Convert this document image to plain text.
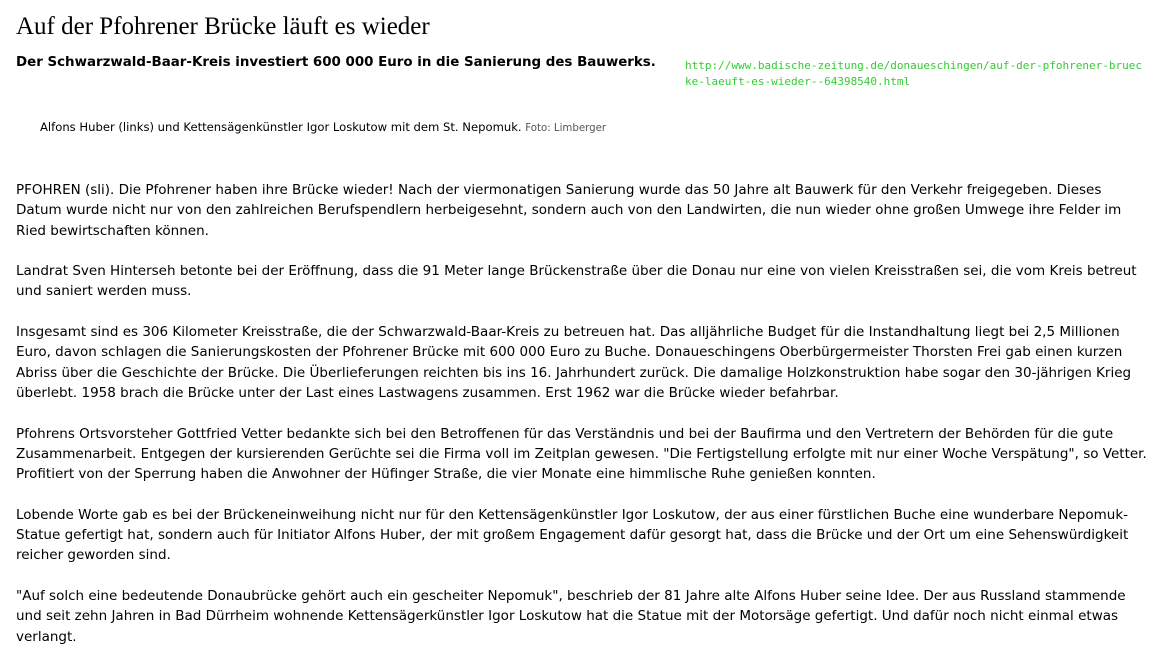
Auf der Pfohrener Brücke läuft es wieder
Der Schwarzwald-Baar-Kreis investiert 600 000 Euro in die Sanierung des Bauwerks.	http://www.badische-zeitung.de/donaueschingen/auf-der-pfohrener-bruecke-laeuft-es-wieder--64398540.html
Alfons Huber (links) und Kettensägenkünstler Igor Loskutow mit dem St. Nepomuk. Foto: Limberger

PFOHREN (sli). Die Pfohrener haben ihre Brücke wieder! Nach der viermonatigen Sanierung wurde das 50 Jahre alt Bauwerk für den Verkehr freigegeben. Dieses Datum wurde nicht nur von den zahlreichen Berufspendlern herbeigesehnt, sondern auch von den Landwirten, die nun wieder ohne großen Umwege ihre Felder im Ried bewirtschaften können.

Landrat Sven Hinterseh betonte bei der Eröffnung, dass die 91 Meter lange Brückenstraße über die Donau nur eine von vielen Kreisstraßen sei, die vom Kreis betreut und saniert werden muss.

Insgesamt sind es 306 Kilometer Kreisstraße, die der Schwarzwald-Baar-Kreis zu betreuen hat. Das alljährliche Budget für die Instandhaltung liegt bei 2,5 Millionen Euro, davon schlagen die Sanierungskosten der Pfohrener Brücke mit 600 000 Euro zu Buche. Donaueschingens Oberbürgermeister Thorsten Frei gab einen kurzen Abriss über die Geschichte der Brücke. Die Überlieferungen reichten bis ins 16. Jahrhundert zurück. Die damalige Holzkonstruktion habe sogar den 30-jährigen Krieg überlebt. 1958 brach die Brücke unter der Last eines Lastwagens zusammen. Erst 1962 war die Brücke wieder befahrbar.

Pfohrens Ortsvorsteher Gottfried Vetter bedankte sich bei den Betroffenen für das Verständnis und bei der Baufirma und den Vertretern der Behörden für die gute Zusammenarbeit. Entgegen der kursierenden Gerüchte sei die Firma voll im Zeitplan gewesen. "Die Fertigstellung erfolgte mit nur einer Woche Verspätung", so Vetter. Profitiert von der Sperrung haben die Anwohner der Hüfinger Straße, die vier Monate eine himmlische Ruhe genießen konnten.

Lobende Worte gab es bei der Brückeneinweihung nicht nur für den Kettensägenkünstler Igor Loskutow, der aus einer fürstlichen Buche eine wunderbare Nepomuk-Statue gefertigt hat, sondern auch für Initiator Alfons Huber, der mit großem Engagement dafür gesorgt hat, dass die Brücke und der Ort um eine Sehenswürdigkeit reicher geworden sind.

"Auf solch eine bedeutende Donaubrücke gehört auch ein gescheiter Nepomuk", beschrieb der 81 Jahre alte Alfons Huber seine Idee. Der aus Russland stammende und seit zehn Jahren in Bad Dürrheim wohnende Kettensägerkünstler Igor Loskutow hat die Statue mit der Motorsäge gefertigt. Und dafür noch nicht einmal etwas verlangt.
